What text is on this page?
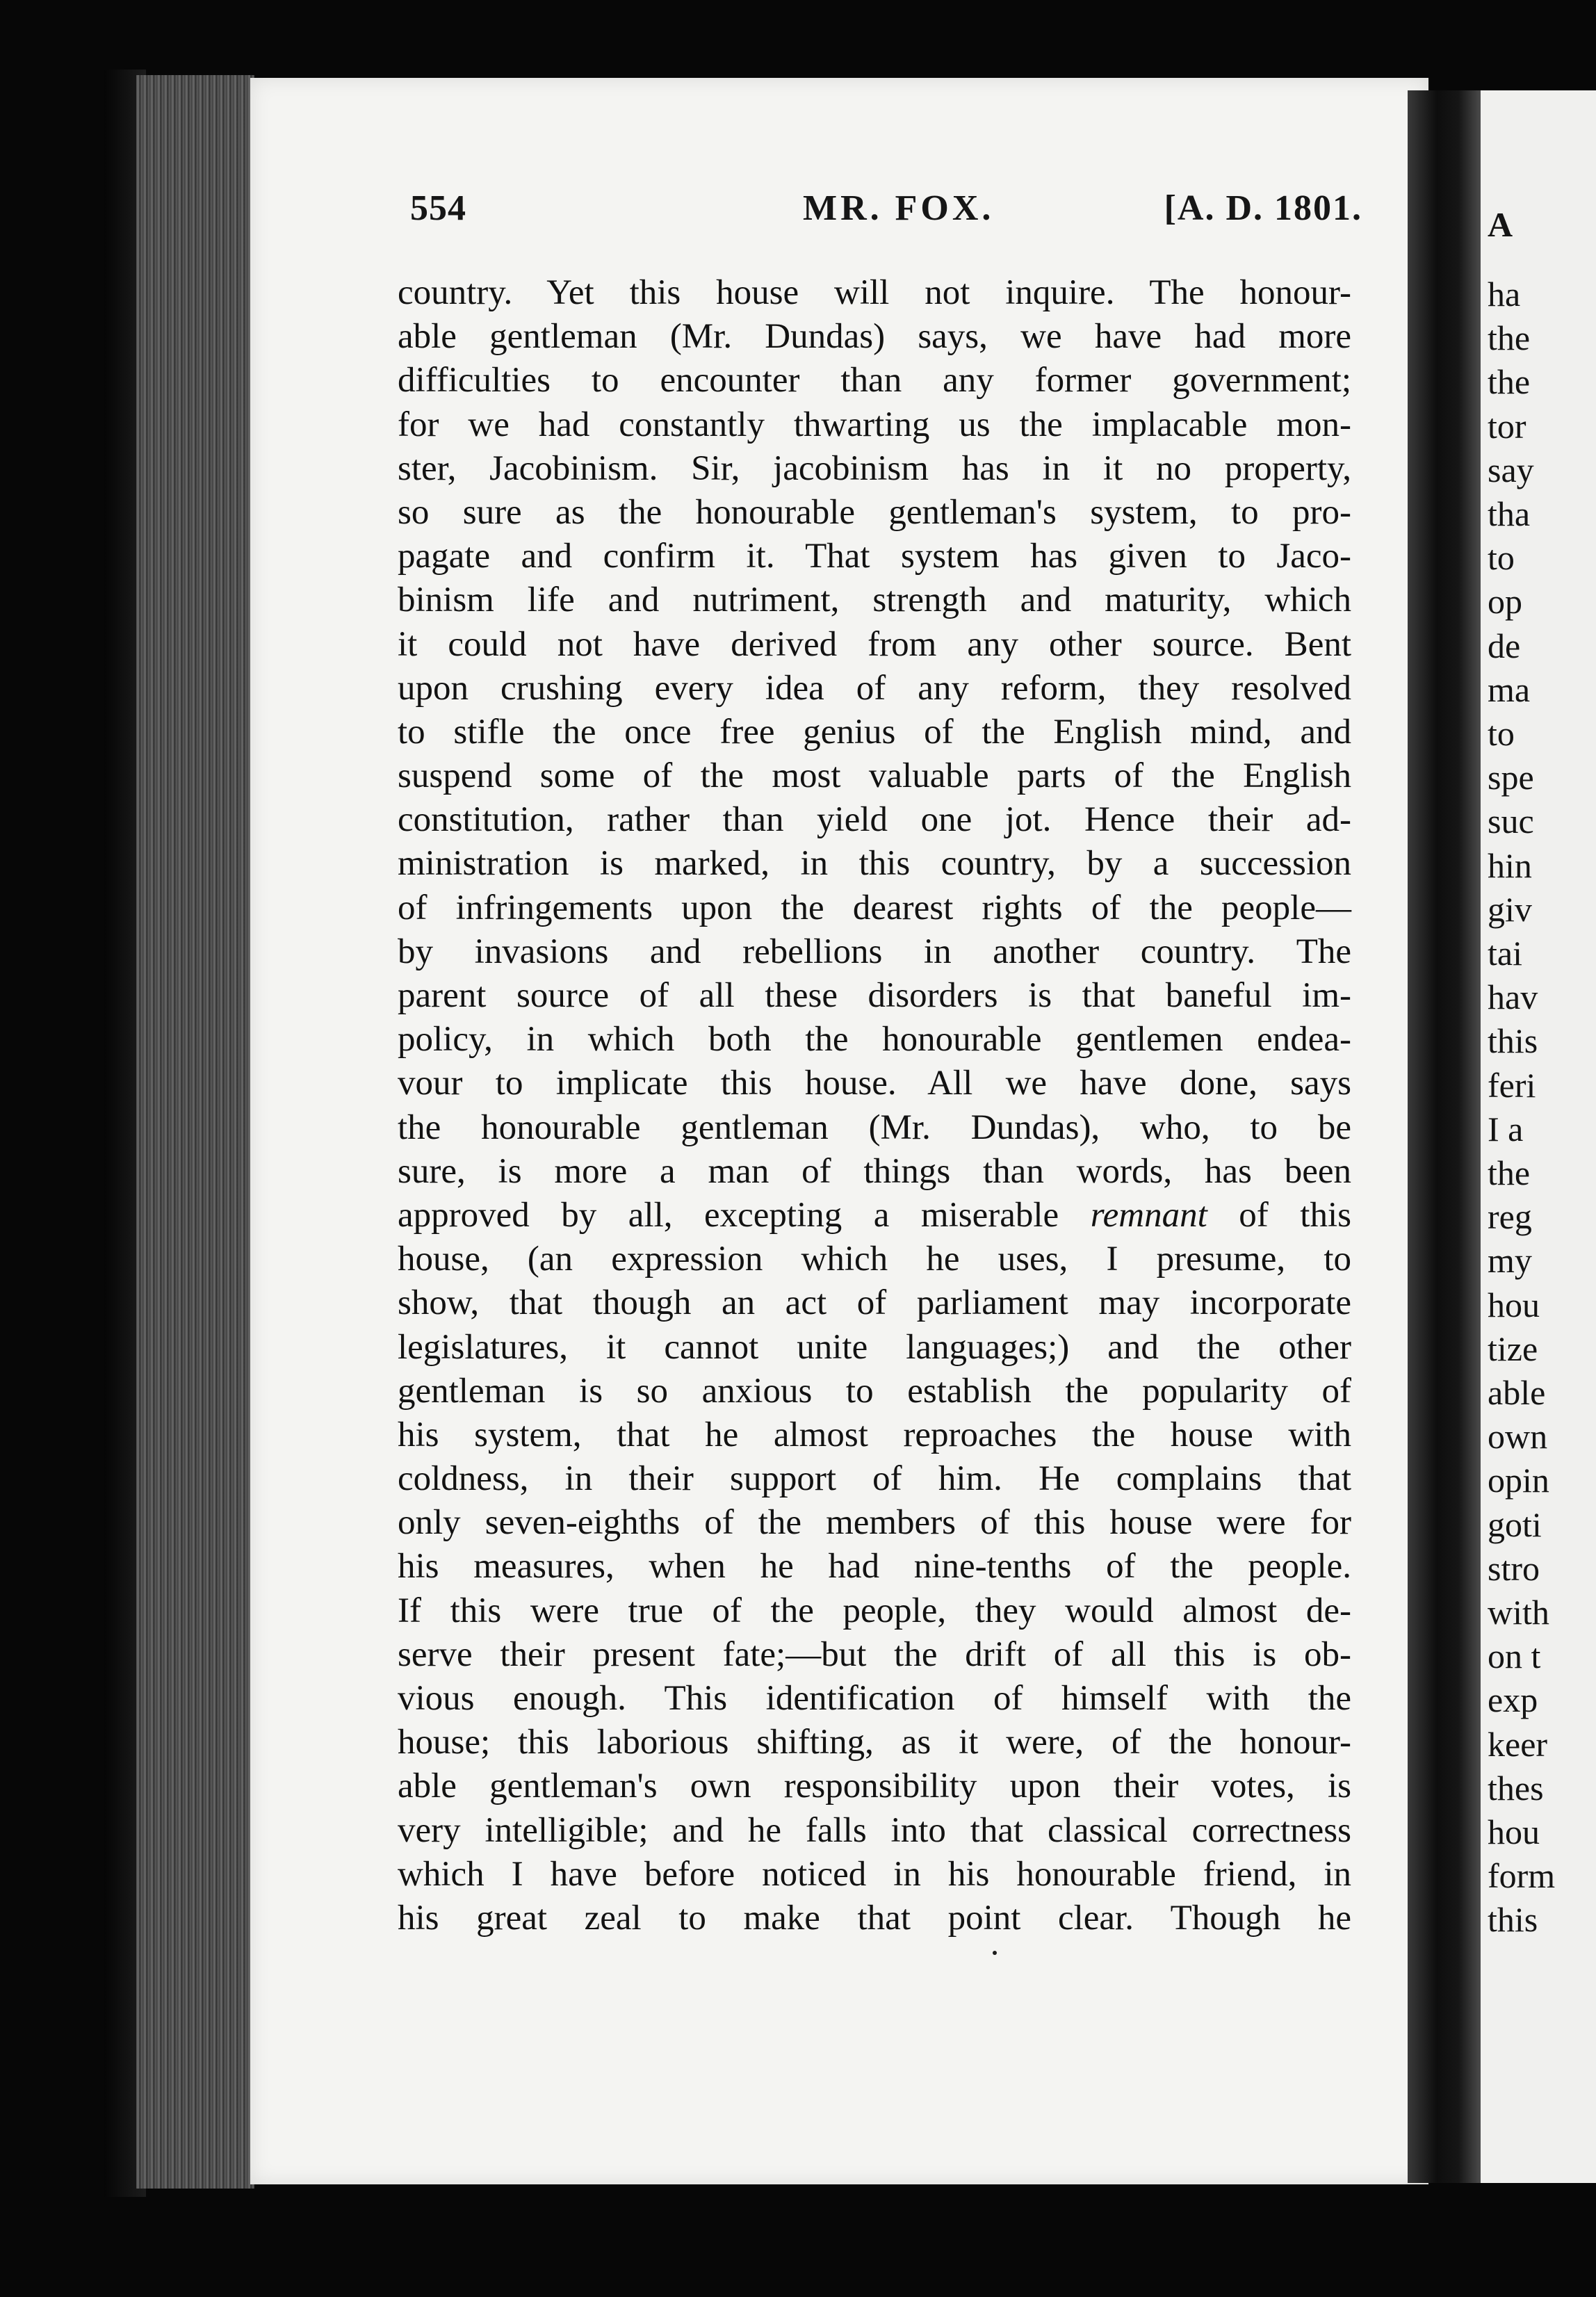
A
ha
the
the
tor
say
tha
to
op
de
ma
to
spe
suc
hin
giv
tai
hav
this
feri
I a
the
reg
my
hou
tize
able
own
opin
goti
stro
with
on t
exp
keer
thes
hou
form
this
554	MR. FOX.	[A. D. 1801.
country. Yet this house will not inquire. The honour-
able gentleman (Mr. Dundas) says, we have had more
difficulties to encounter than any former government;
for we had constantly thwarting us the implacable mon-
ster, Jacobinism. Sir, jacobinism has in it no property,
so sure as the honourable gentleman's system, to pro-
pagate and confirm it. That system has given to Jaco-
binism life and nutriment, strength and maturity, which
it could not have derived from any other source. Bent
upon crushing every idea of any reform, they resolved
to stifle the once free genius of the English mind, and
suspend some of the most valuable parts of the English
constitution, rather than yield one jot. Hence their ad-
ministration is marked, in this country, by a succession
of infringements upon the dearest rights of the people—
by invasions and rebellions in another country. The
parent source of all these disorders is that baneful im-
policy, in which both the honourable gentlemen endea-
vour to implicate this house. All we have done, says
the honourable gentleman (Mr. Dundas), who, to be
sure, is more a man of things than words, has been
approved by all, excepting a miserable remnant of this
house, (an expression which he uses, I presume, to
show, that though an act of parliament may incorporate
legislatures, it cannot unite languages;) and the other
gentleman is so anxious to establish the popularity of
his system, that he almost reproaches the house with
coldness, in their support of him. He complains that
only seven-eighths of the members of this house were for
his measures, when he had nine-tenths of the people.
If this were true of the people, they would almost de-
serve their present fate;—but the drift of all this is ob-
vious enough. This identification of himself with the
house; this laborious shifting, as it were, of the honour-
able gentleman's own responsibility upon their votes, is
very intelligible; and he falls into that classical correctness
which I have before noticed in his honourable friend, in
his great zeal to make that point clear. Though he
